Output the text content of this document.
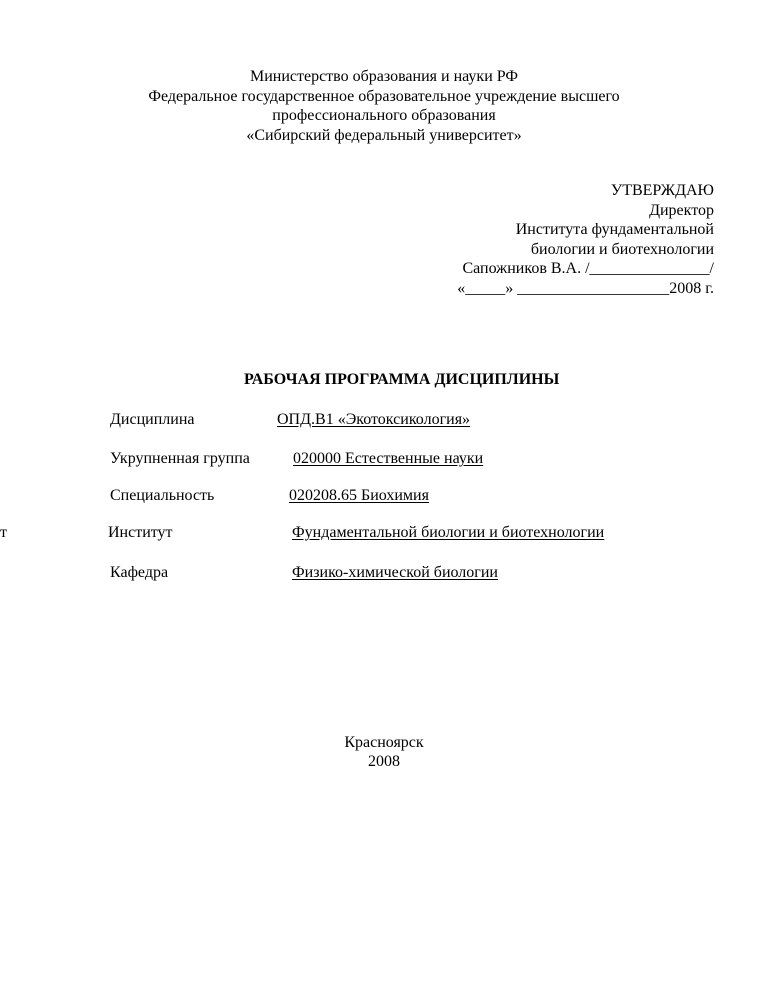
Министерство образования и науки РФ
Федеральное государственное образовательное учреждение высшего
профессионального образования
«Сибирский федеральный университет»
УТВЕРЖДАЮ
Директор
Института фундаментальной
биологии и биотехнологии
Сапожников В.А. /_______________/
«_____» ___________________2008 г.
РАБОЧАЯ ПРОГРАММА ДИСЦИПЛИНЫ
Дисциплина	ОПД.В1 «Экотоксикология»
Укрупненная группа	020000 Естественные науки
Специальность	020208.65 Биохимия
т	Институт	Фундаментальной биологии и биотехнологии
Кафедра	Физико-химической биологии
Красноярск
2008
